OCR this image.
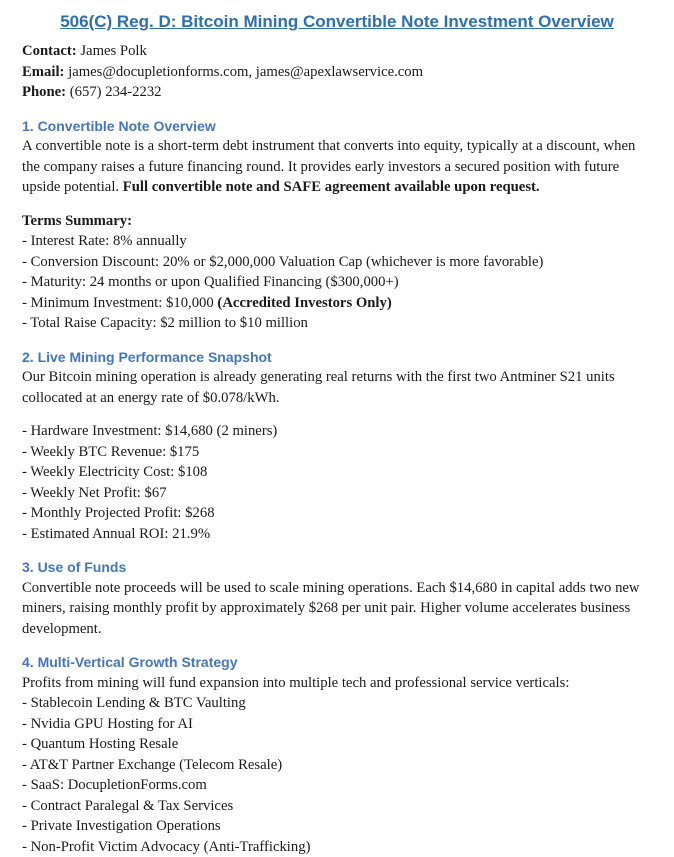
506(C) Reg. D: Bitcoin Mining Convertible Note Investment Overview
Contact: James Polk
Email: james@docupletionforms.com, james@apexlawservice.com
Phone: (657) 234-2232
1. Convertible Note Overview
A convertible note is a short-term debt instrument that converts into equity, typically at a discount, when the company raises a future financing round. It provides early investors a secured position with future upside potential. Full convertible note and SAFE agreement available upon request.
Terms Summary:
- Interest Rate: 8% annually
- Conversion Discount: 20% or $2,000,000 Valuation Cap (whichever is more favorable)
- Maturity: 24 months or upon Qualified Financing ($300,000+)
- Minimum Investment: $10,000 (Accredited Investors Only)
- Total Raise Capacity: $2 million to $10 million
2. Live Mining Performance Snapshot
Our Bitcoin mining operation is already generating real returns with the first two Antminer S21 units collocated at an energy rate of $0.078/kWh.
- Hardware Investment: $14,680 (2 miners)
- Weekly BTC Revenue: $175
- Weekly Electricity Cost: $108
- Weekly Net Profit: $67
- Monthly Projected Profit: $268
- Estimated Annual ROI: 21.9%
3. Use of Funds
Convertible note proceeds will be used to scale mining operations. Each $14,680 in capital adds two new miners, raising monthly profit by approximately $268 per unit pair. Higher volume accelerates business development.
4. Multi-Vertical Growth Strategy
Profits from mining will fund expansion into multiple tech and professional service verticals:
- Stablecoin Lending & BTC Vaulting
- Nvidia GPU Hosting for AI
- Quantum Hosting Resale
- AT&T Partner Exchange (Telecom Resale)
- SaaS: DocupletionForms.com
- Contract Paralegal & Tax Services
- Private Investigation Operations
- Non-Profit Victim Advocacy (Anti-Trafficking)
